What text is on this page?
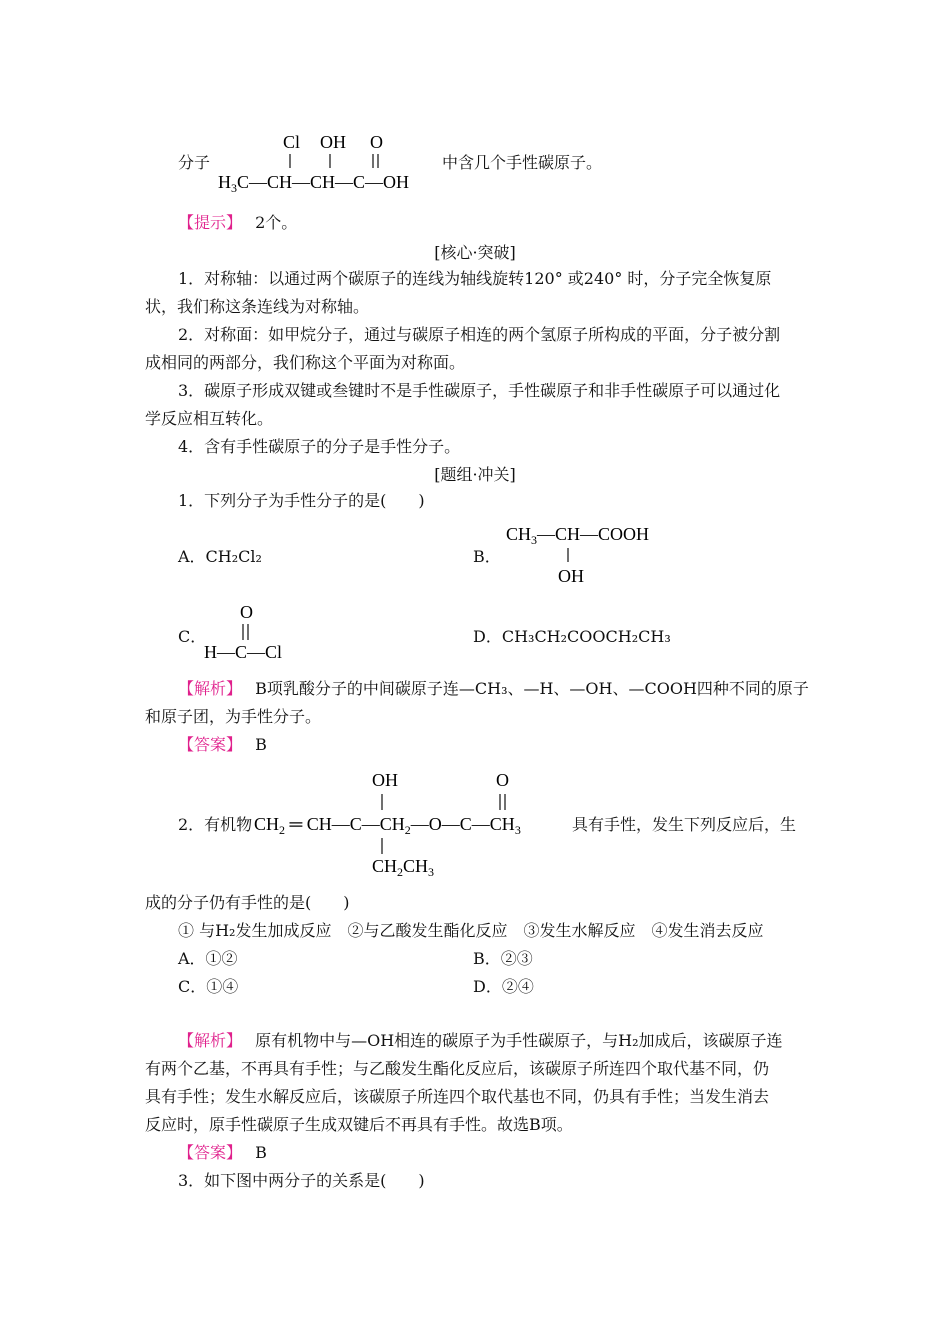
分子
Cl OH O
$H_3C—CH—CH—C—OH$
中含几个手性碳原子。
【提示】 2个。
[核心·突破]
1．对称轴：以通过两个碳原子的连线为轴线旋转120° 或240° 时，分子完全恢复原
状，我们称这条连线为对称轴。
2．对称面：如甲烷分子，通过与碳原子相连的两个氢原子所构成的平面，分子被分割
成相同的两部分，我们称这个平面为对称面。
3．碳原子形成双键或叁键时不是手性碳原子，手性碳原子和非手性碳原子可以通过化
学反应相互转化。
4．含有手性碳原子的分子是手性分子。
[题组·冲关]
1．下列分子为手性分子的是(　　)
A．CH₂Cl₂	B．
$CH_3—CH—COOH$
OH
C．
O
H—C—Cl
D．CH₃CH₂COOCH₂CH₃
【解析】 B项乳酸分子的中间碳原子连—CH₃、—H、—OH、—COOH四种不同的原子
和原子团，为手性分子。
【答案】 B
2．有机物
OH	O
$CH_2$ ═ $CH—C—CH_2—O—C—CH_3$
$CH_2CH_3$
具有手性，发生下列反应后，生
成的分子仍有手性的是(　　)
① 与H₂发生加成反应　②与乙酸发生酯化反应　③发生水解反应　④发生消去反应
A．①②	B．②③
C．①④	D．②④
【解析】 原有机物中与—OH相连的碳原子为手性碳原子，与H₂加成后，该碳原子连
有两个乙基，不再具有手性；与乙酸发生酯化反应后，该碳原子所连四个取代基不同，仍
具有手性；发生水解反应后，该碳原子所连四个取代基也不同，仍具有手性；当发生消去
反应时，原手性碳原子生成双键后不再具有手性。故选B项。
【答案】 B
3．如下图中两分子的关系是(　　)
